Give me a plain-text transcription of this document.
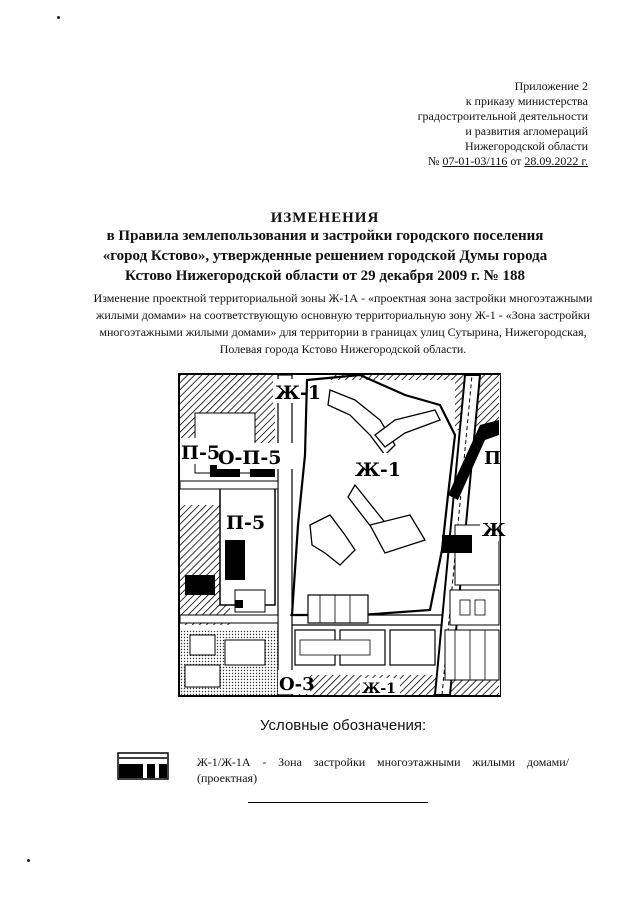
Приложение 2
к приказу министерства
градостроительной деятельности
и развития агломераций
Нижегородской области
№ 07-01-03/116 от 28.09.2022 г.
ИЗМЕНЕНИЯ
в Правила землепользования и застройки городского поселения «город Кстово», утвержденные решением городской Думы города Кстово Нижегородской области от 29 декабря 2009 г. № 188
Изменение проектной территориальной зоны Ж-1А - «проектная зона застройки многоэтажными жилыми домами» на соответствующую основную территориальную зону Ж-1 - «Зона застройки многоэтажными жилыми домами» для территории в границах улиц Сутырина, Нижегородская, Полевая города Кстово Нижегородской области.
Ж-1
П-5
О-П-5
Ж-1
П-5
О-3
Ж
П
Ж-1
Условные обозначения:
Ж-1/Ж-1А - Зона застройки многоэтажными жилыми домами/ (проектная)
